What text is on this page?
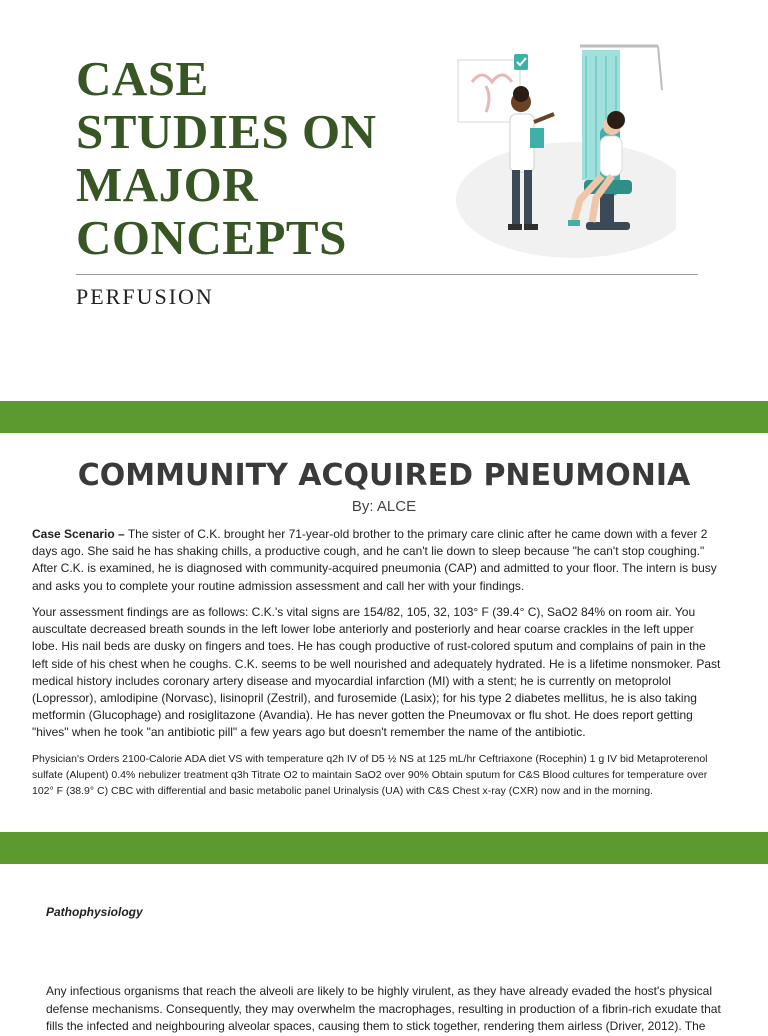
CASE
STUDIES ON
MAJOR
CONCEPTS
PERFUSION
COMMUNITY ACQUIRED PNEUMONIA
By: ALCE
Case Scenario – The sister of C.K. brought her 71-year-old brother to the primary care clinic after he came down with a fever 2 days ago. She said he has shaking chills, a productive cough, and he can't lie down to sleep because "he can't stop coughing." After C.K. is examined, he is diagnosed with community-acquired pneumonia (CAP) and admitted to your floor. The intern is busy and asks you to complete your routine admission assessment and call her with your findings.
Your assessment findings are as follows: C.K.'s vital signs are 154/82, 105, 32, 103° F (39.4° C), SaO2 84% on room air. You auscultate decreased breath sounds in the left lower lobe anteriorly and posteriorly and hear coarse crackles in the left upper lobe. His nail beds are dusky on fingers and toes. He has cough productive of rust-colored sputum and complains of pain in the left side of his chest when he coughs. C.K. seems to be well nourished and adequately hydrated. He is a lifetime nonsmoker. Past medical history includes coronary artery disease and myocardial infarction (MI) with a stent; he is currently on metoprolol (Lopressor), amlodipine (Norvasc), lisinopril (Zestril), and furosemide (Lasix); for his type 2 diabetes mellitus, he is also taking metformin (Glucophage) and rosiglitazone (Avandia). He has never gotten the Pneumovax or flu shot. He does report getting "hives" when he took "an antibiotic pill" a few years ago but doesn't remember the name of the antibiotic.
Physician's Orders 2100-Calorie ADA diet VS with temperature q2h IV of D5 ½ NS at 125 mL/hr Ceftriaxone (Rocephin) 1 g IV bid Metaproterenol sulfate (Alupent) 0.4% nebulizer treatment q3h Titrate O2 to maintain SaO2 over 90% Obtain sputum for C&S Blood cultures for temperature over 102° F (38.9° C) CBC with differential and basic metabolic panel Urinalysis (UA) with C&S Chest x-ray (CXR) now and in the morning.
Pathophysiology
Any infectious organisms that reach the alveoli are likely to be highly virulent, as they have already evaded the host's physical defense mechanisms. Consequently, they may overwhelm the macrophages, resulting in production of a fibrin-rich exudate that fills the infected and neighbouring alveolar spaces, causing them to stick together, rendering them airless (Driver, 2012). The
